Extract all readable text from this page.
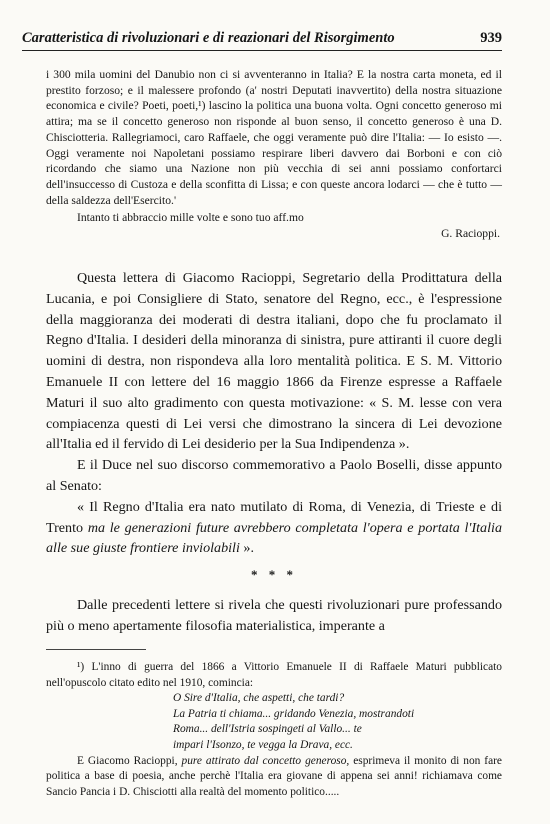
Caratteristica di rivoluzionari e di reazionari del Risorgimento	939

i 300 mila uomini del Danubio non ci si avventeranno in Italia? E la nostra carta moneta, ed il prestito forzoso; e il malessere profondo (a' nostri Deputati inavvertito) della nostra situazione economica e civile? Poeti, poeti,¹) lascino la politica una buona volta. Ogni concetto generoso mi attira; ma se il concetto generoso non risponde al buon senso, il concetto generoso è una D. Chisciotteria. Rallegriamoci, caro Raffaele, che oggi veramente può dire l'Italia: — Io esisto —. Oggi veramente noi Napoletani possiamo respirare liberi davvero dai Borboni e con ciò ricordando che siamo una Nazione non più vecchia di sei anni possiamo confortarci dell'insuccesso di Custoza e della sconfitta di Lissa; e con queste ancora lodarci — che è tutto — della saldezza dell'Esercito.'

Intanto ti abbraccio mille volte e sono tuo aff.mo

G. Racioppi.

Questa lettera di Giacomo Racioppi, Segretario della Prodittatura della Lucania, e poi Consigliere di Stato, senatore del Regno, ecc., è l'espressione della maggioranza dei moderati di destra italiani, dopo che fu proclamato il Regno d'Italia. I desideri della minoranza di sinistra, pure attiranti il cuore degli uomini di destra, non rispondeva alla loro mentalità politica. E S. M. Vittorio Emanuele II con lettere del 16 maggio 1866 da Firenze espresse a Raffaele Maturi il suo alto gradimento con questa motivazione: « S. M. lesse con vera compiacenza questi di Lei versi che dimostrano la sincera di Lei devozione all'Italia ed il fervido di Lei desiderio per la Sua Indipendenza ».

E il Duce nel suo discorso commemorativo a Paolo Boselli, disse appunto al Senato:

« Il Regno d'Italia era nato mutilato di Roma, di Venezia, di Trieste e di Trento ma le generazioni future avrebbero completata l'opera e portata l'Italia alle sue giuste frontiere inviolabili ».

* * *

Dalle precedenti lettere si rivela che questi rivoluzionari pure professando più o meno apertamente filosofia materialistica, imperante a

¹) L'inno di guerra del 1866 a Vittorio Emanuele II di Raffaele Maturi pubblicato nell'opuscolo citato edito nel 1910, comincia:

O Sire d'Italia, che aspetti, che tardi?
La Patria ti chiama... gridando Venezia, mostrandoti
Roma... dell'Istria sospingeti al Vallo... te
impari l'Isonzo, te vegga la Drava, ecc.

E Giacomo Racioppi, pure attirato dal concetto generoso, esprimeva il monito di non fare politica a base di poesia, anche perchè l'Italia era giovane di appena sei anni! richiamava come Sancio Pancia i D. Chisciotti alla realtà del momento politico.....
